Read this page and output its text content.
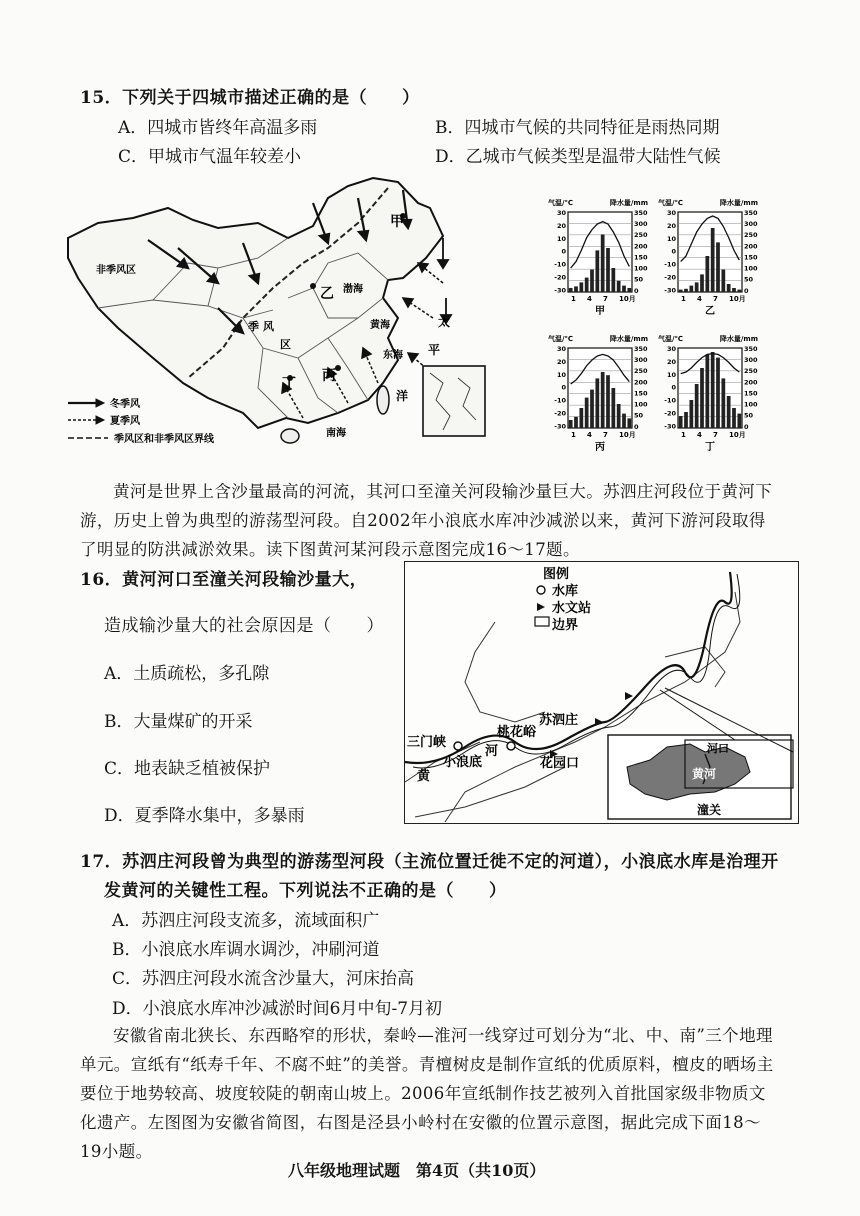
15．下列关于四城市描述正确的是（　　）
A．四城市皆终年高温多雨	B．四城市气候的共同特征是雨热同期
C．甲城市气温年较差小	D．乙城市气候类型是温带大陆性气候
非季风区
甲
乙
丙
丁
季 风
区
渤海
黄海
东海
南海
太
平
洋
冬季风
夏季风
季风区和非季风区界线
气温/℃	降水量/mm
30
20
10
0
-10
-20
-30
350
300
250
200
150
100
50
0
1 4 7 10月
甲
气温/℃	降水量/mm
30
20
10
0
-10
-20
-30
350
300
250
200
150
100
50
0
1 4 7 10月
乙
气温/℃	降水量/mm
30
20
10
0
-10
-20
-30
350
300
250
200
150
100
50
0
1 4 7 10月
丙
气温/℃	降水量/mm
30
20
10
0
-10
-20
-30
350
300
250
200
150
100
50
0
1 4 7 10月
丁
黄河是世界上含沙量最高的河流，其河口至潼关河段输沙量巨大。苏泗庄河段位于黄河下游，历史上曾为典型的游荡型河段。自2002年小浪底水库冲沙减淤以来，黄河下游河段取得了明显的防洪减淤效果。读下图黄河某河段示意图完成16～17题。
16．黄河河口至潼关河段输沙量大，
造成输沙量大的社会原因是（　　）
A．土质疏松，多孔隙
B．大量煤矿的开采
C．地表缺乏植被保护
D．夏季降水集中，多暴雨
图例
水库
水文站
边界
三门峡
桃花峪
苏泗庄
小浪底	花园口
黄
河
黄河
河口
潼关
17．苏泗庄河段曾为典型的游荡型河段（主流位置迁徙不定的河道），小浪底水库是治理开
发黄河的关键性工程。下列说法不正确的是（　　）
A．苏泗庄河段支流多，流域面积广
B．小浪底水库调水调沙，冲刷河道
C．苏泗庄河段水流含沙量大，河床抬高
D．小浪底水库冲沙减淤时间6月中旬-7月初
安徽省南北狭长、东西略窄的形状，秦岭—淮河一线穿过可划分为“北、中、南”三个地理单元。宣纸有“纸寿千年、不腐不蛀”的美誉。青檀树皮是制作宣纸的优质原料，檀皮的晒场主要位于地势较高、坡度较陡的朝南山坡上。2006年宣纸制作技艺被列入首批国家级非物质文化遗产。左图图为安徽省简图，右图是泾县小岭村在安徽的位置示意图，据此完成下面18～19小题。
八年级地理试题　第4页（共10页）
